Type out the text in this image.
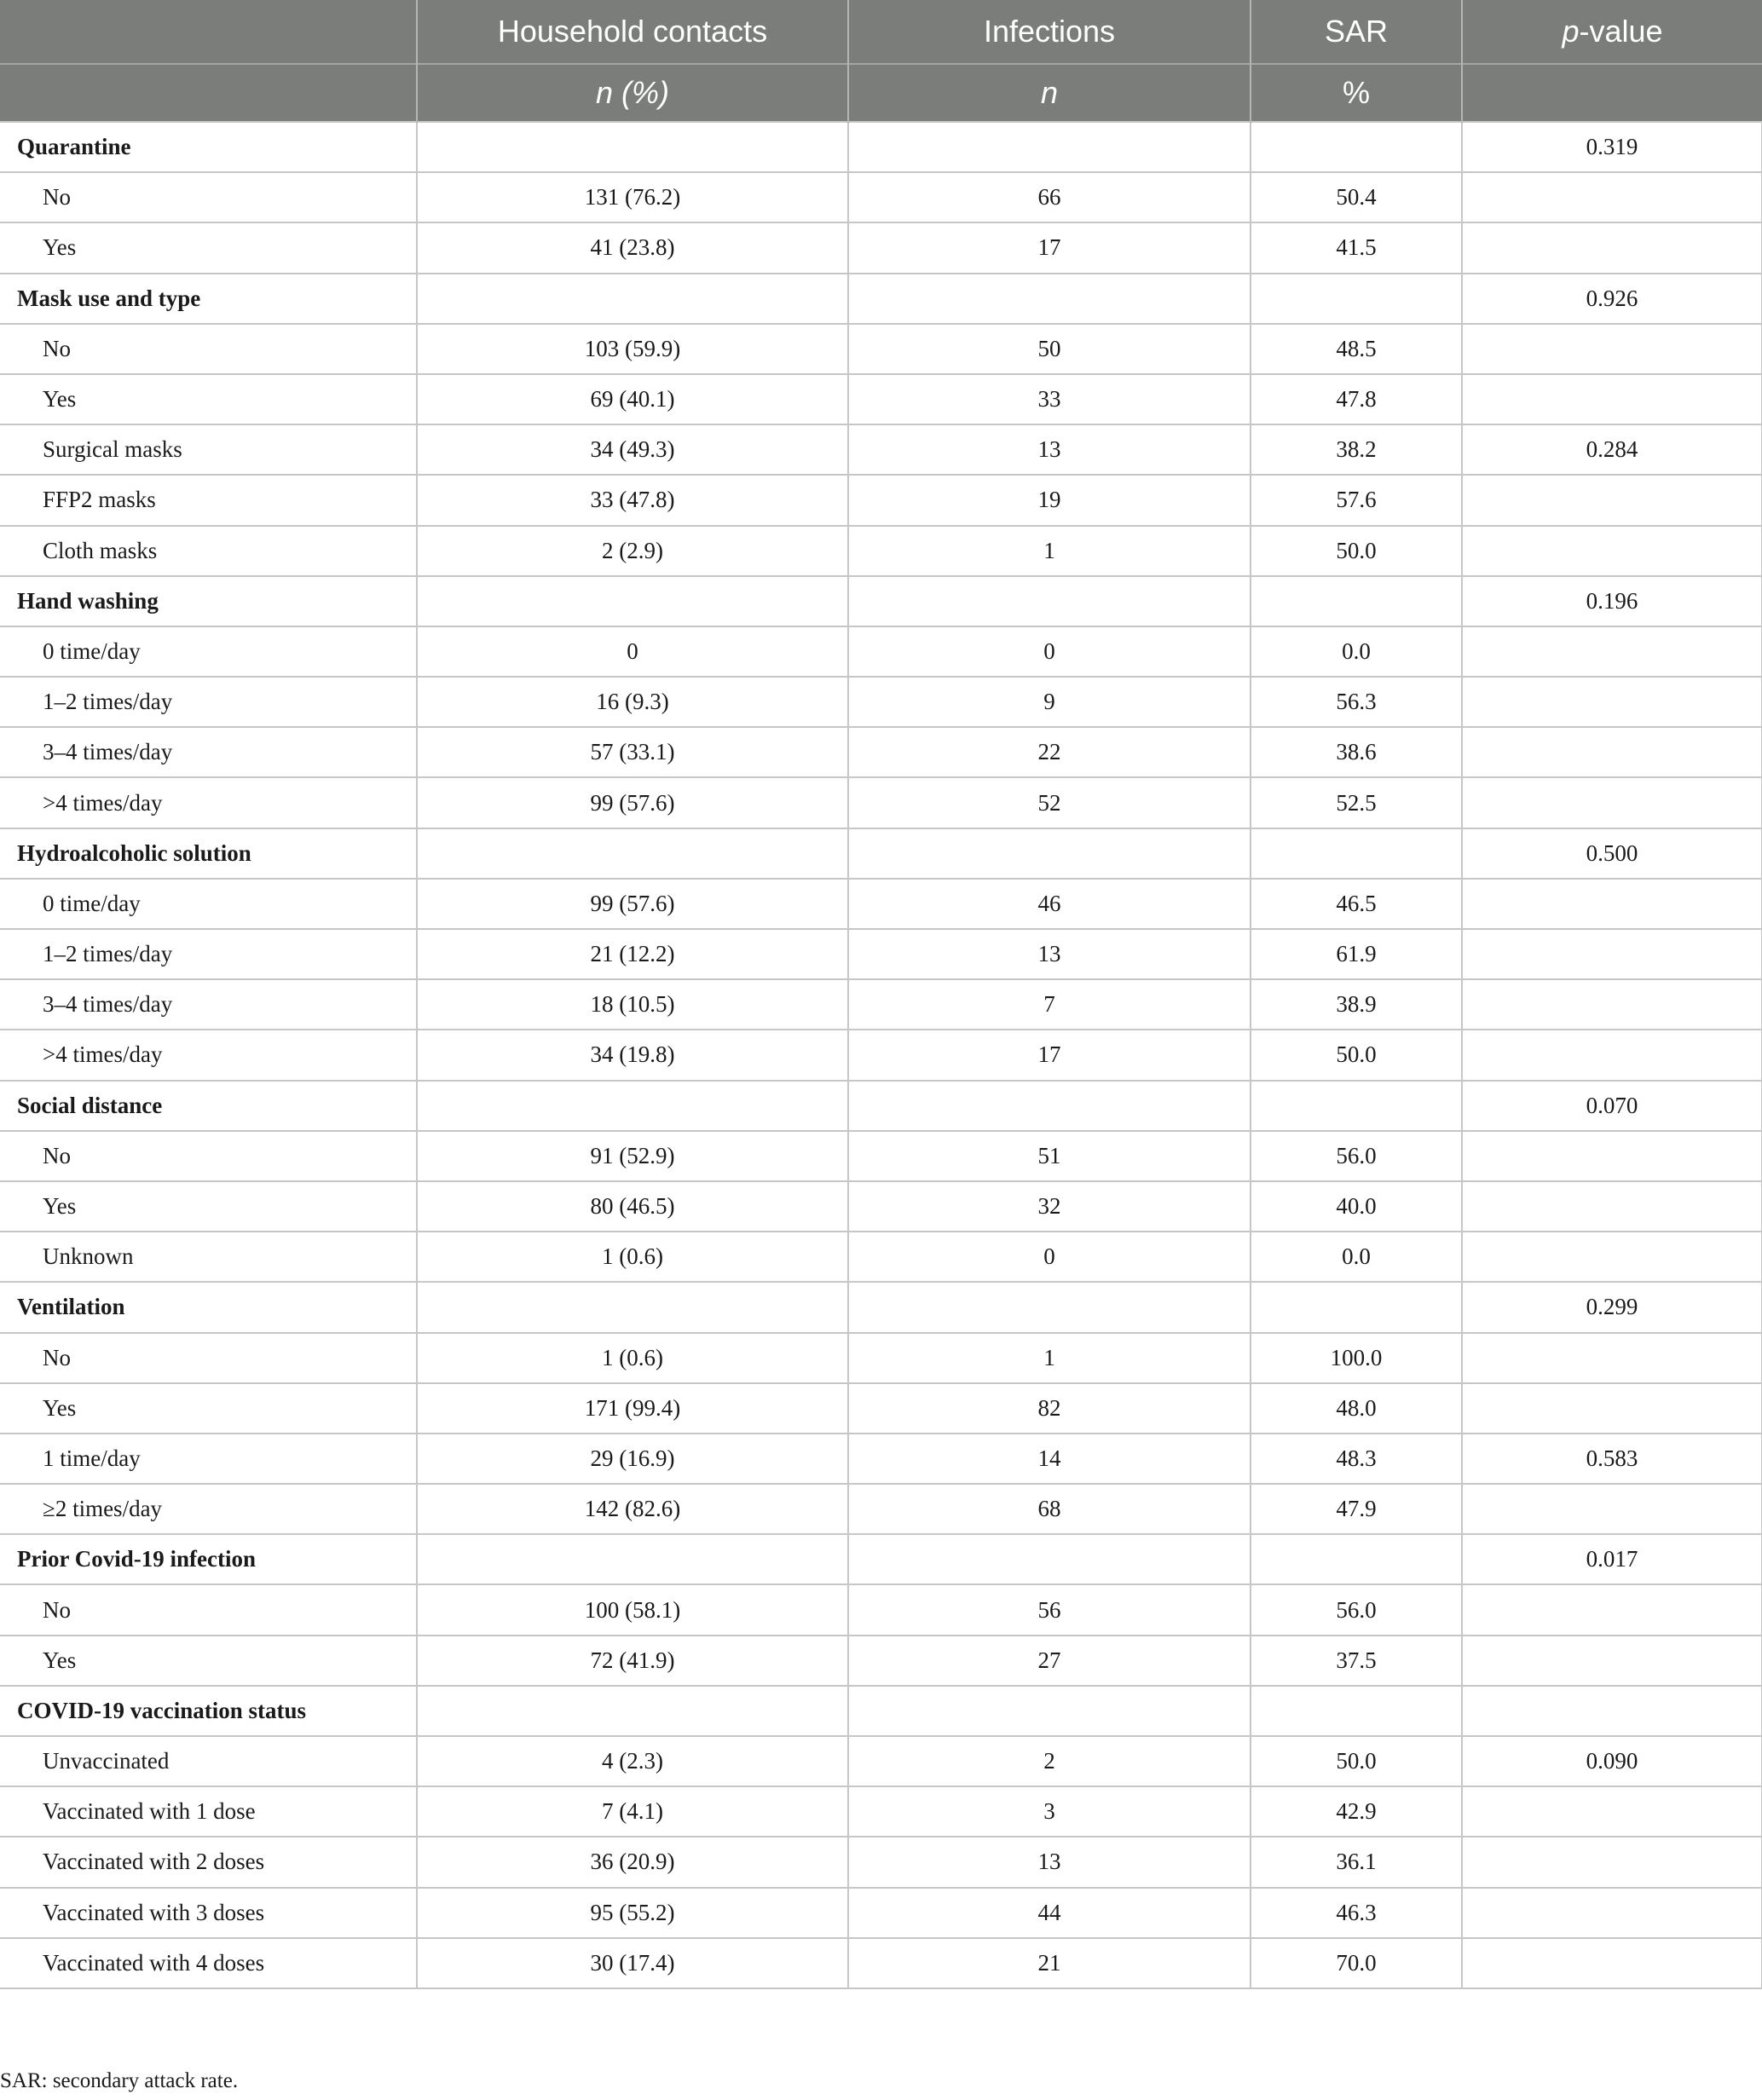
	Household contacts	Infections	SAR	p-value
	n (%)	n	%	
Quarantine				0.319
No	131 (76.2)	66	50.4	
Yes	41 (23.8)	17	41.5	
Mask use and type				0.926
No	103 (59.9)	50	48.5	
Yes	69 (40.1)	33	47.8	
Surgical masks	34 (49.3)	13	38.2	0.284
FFP2 masks	33 (47.8)	19	57.6	
Cloth masks	2 (2.9)	1	50.0	
Hand washing				0.196
0 time/day	0	0	0.0	
1–2 times/day	16 (9.3)	9	56.3	
3–4 times/day	57 (33.1)	22	38.6	
>4 times/day	99 (57.6)	52	52.5	
Hydroalcoholic solution				0.500
0 time/day	99 (57.6)	46	46.5	
1–2 times/day	21 (12.2)	13	61.9	
3–4 times/day	18 (10.5)	7	38.9	
>4 times/day	34 (19.8)	17	50.0	
Social distance				0.070
No	91 (52.9)	51	56.0	
Yes	80 (46.5)	32	40.0	
Unknown	1 (0.6)	0	0.0	
Ventilation				0.299
No	1 (0.6)	1	100.0	
Yes	171 (99.4)	82	48.0	
1 time/day	29 (16.9)	14	48.3	0.583
≥2 times/day	142 (82.6)	68	47.9	
Prior Covid-19 infection				0.017
No	100 (58.1)	56	56.0	
Yes	72 (41.9)	27	37.5	
COVID-19 vaccination status				
Unvaccinated	4 (2.3)	2	50.0	0.090
Vaccinated with 1 dose	7 (4.1)	3	42.9	
Vaccinated with 2 doses	36 (20.9)	13	36.1	
Vaccinated with 3 doses	95 (55.2)	44	46.3	
Vaccinated with 4 doses	30 (17.4)	21	70.0	
SAR: secondary attack rate.
